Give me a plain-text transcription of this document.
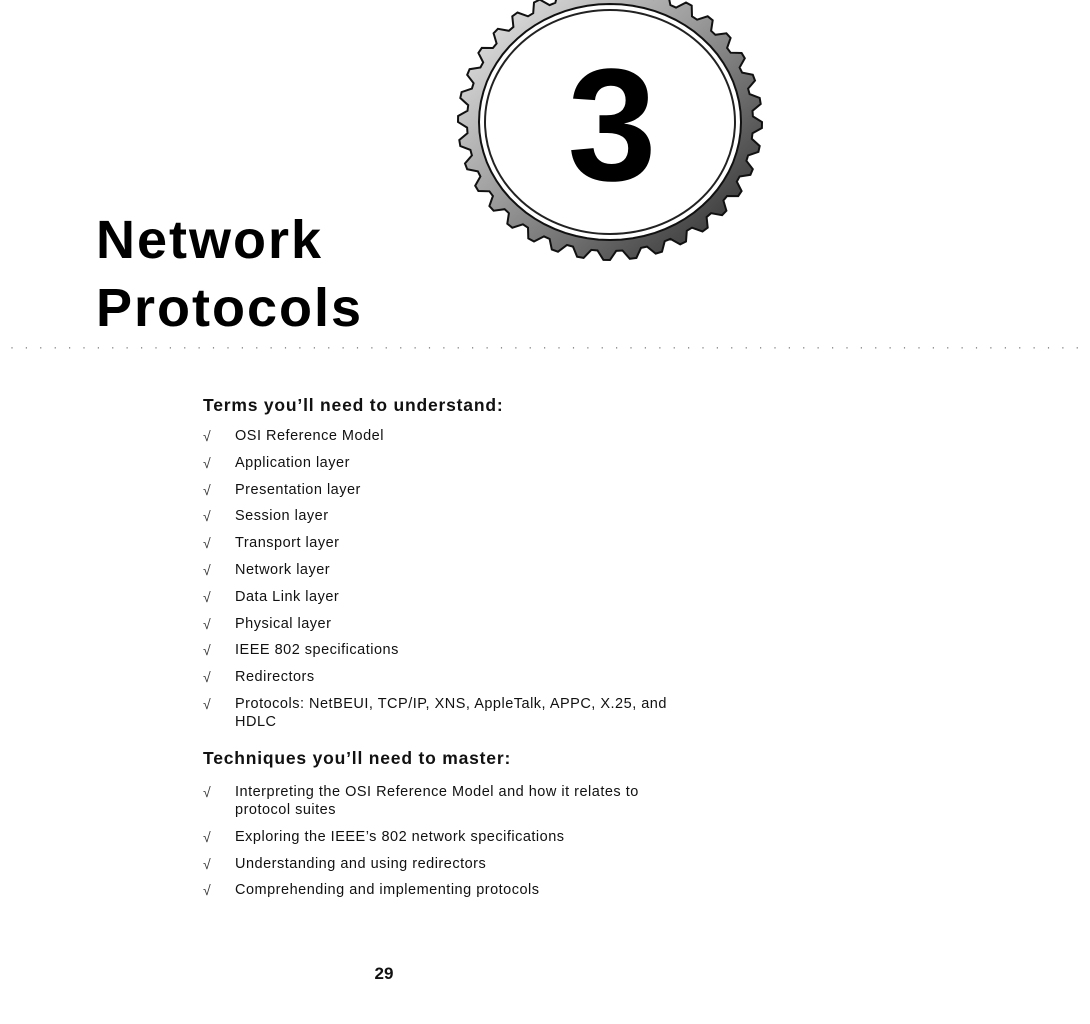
3
Network
Protocols
···········································································
Terms you’ll need to understand:
√ OSI Reference Model
√ Application layer
√ Presentation layer
√ Session layer
√ Transport layer
√ Network layer
√ Data Link layer
√ Physical layer
√ IEEE 802 specifications
√ Redirectors
√ Protocols: NetBEUI, TCP/IP, XNS, AppleTalk, APPC, X.25, and HDLC
Techniques you’ll need to master:
√ Interpreting the OSI Reference Model and how it relates to protocol suites
√ Exploring the IEEE’s 802 network specifications
√ Understanding and using redirectors
√ Comprehending and implementing protocols
29
